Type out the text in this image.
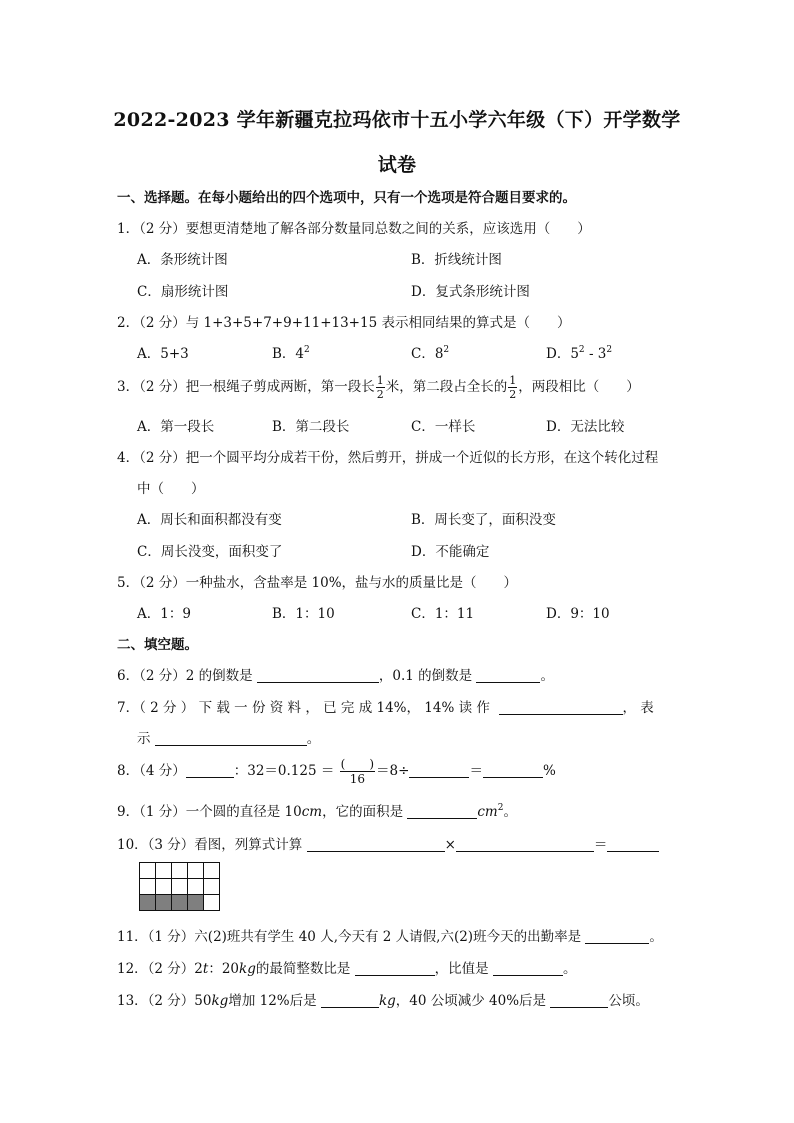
2022-2023 学年新疆克拉玛依市十五小学六年级（下）开学数学
试卷
一、选择题。在每小题给出的四个选项中，只有一个选项是符合题目要求的。
1．（2 分）要想更清楚地了解各部分数量同总数之间的关系，应该选用（　　）
A．条形统计图	B．折线统计图
C．扇形统计图	D．复式条形统计图
2．（2 分）与 1+3+5+7+9+11+13+15 表示相同结果的算式是（　　）
A．5+3	B．$4^2$	C．$8^2$	D．$5^2 - 3^2$
3．（2 分）把一根绳子剪成两断，第一段长 $\frac{1}{2}$ 米，第二段占全长的 $\frac{1}{2}$ ，两段相比（　　）
A．第一段长	B．第二段长	C．一样长	D．无法比较
4．（2 分）把一个圆平均分成若干份，然后剪开，拼成一个近似的长方形，在这个转化过程
中（　　）
A．周长和面积都没有变	B．周长变了，面积没变
C．周长没变，面积变了	D．不能确定
5．（2 分）一种盐水，含盐率是 10%，盐与水的质量比是（　　）
A．1：9	B．1：10	C．1：11	D．9：10
二、填空题。
6．（2 分）2 的倒数是	，0.1 的倒数是	。
7．（ 2 分 ） 下 载 一 份 资 料 ， 已 完 成 14%， 14% 读 作	， 表
示	。
8．（4 分）	：$32=0.125 = \frac{( )}{16} =8\div$	＝	%
9．（1 分）一个圆的直径是 10cm，它的面积是	$cm^2$。
10．（3 分）看图，列算式计算	×	＝

11．（1 分）六(2)班共有学生 40 人,今天有 2 人请假,六(2)班今天的出勤率是	。
12．（2 分）2t：20kg的最简整数比是	，比值是	。
13．（2 分）50kg增加 12%后是	kg，40 公顷减少 40%后是	公顷。
